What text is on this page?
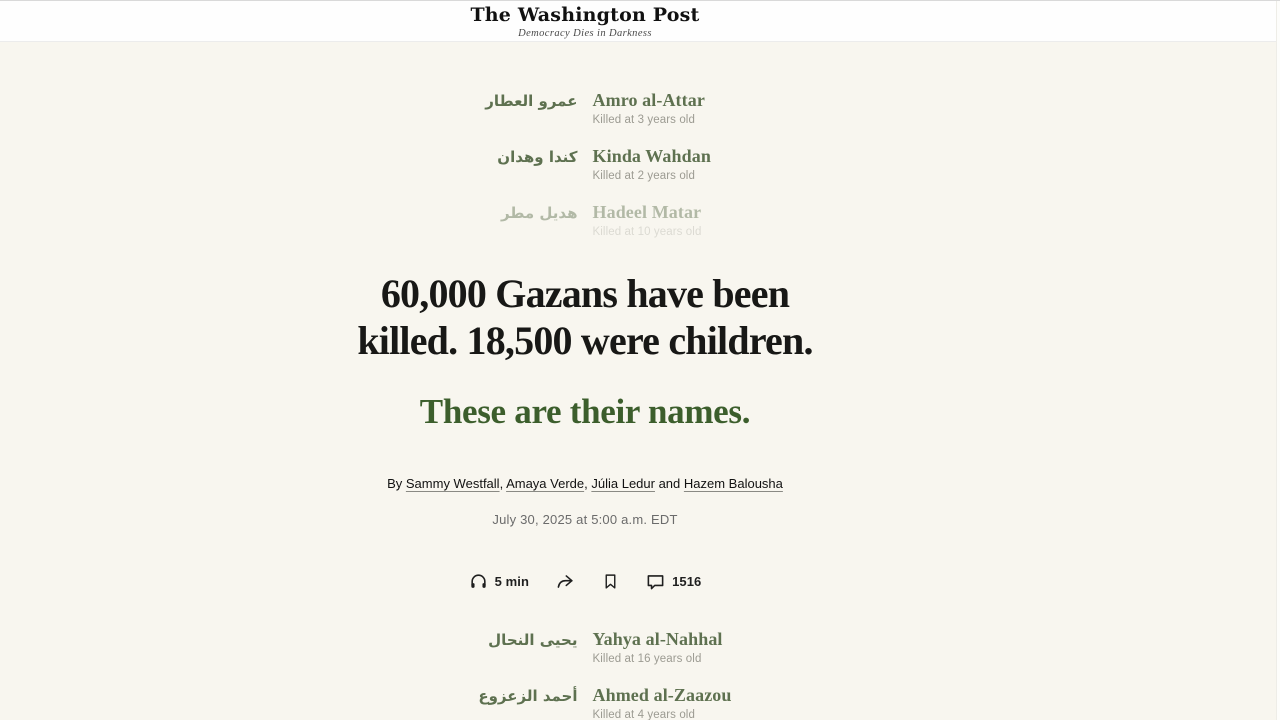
The Washington Post
Democracy Dies in Darkness
عمرو العطار Amro al-Attar
Killed at 3 years old
كندا وهدان Kinda Wahdan
Killed at 2 years old
هديل مطر Hadeel Matar
Killed at 10 years old
60,000 Gazans have been
killed. 18,500 were children.
These are their names.
By Sammy Westfall, Amaya Verde, Júlia Ledur and Hazem Balousha
July 30, 2025 at 5:00 a.m. EDT
5 min	1516
يحيى النحال Yahya al-Nahhal
Killed at 16 years old
أحمد الزعزوع Ahmed al-Zaazou
Killed at 4 years old
